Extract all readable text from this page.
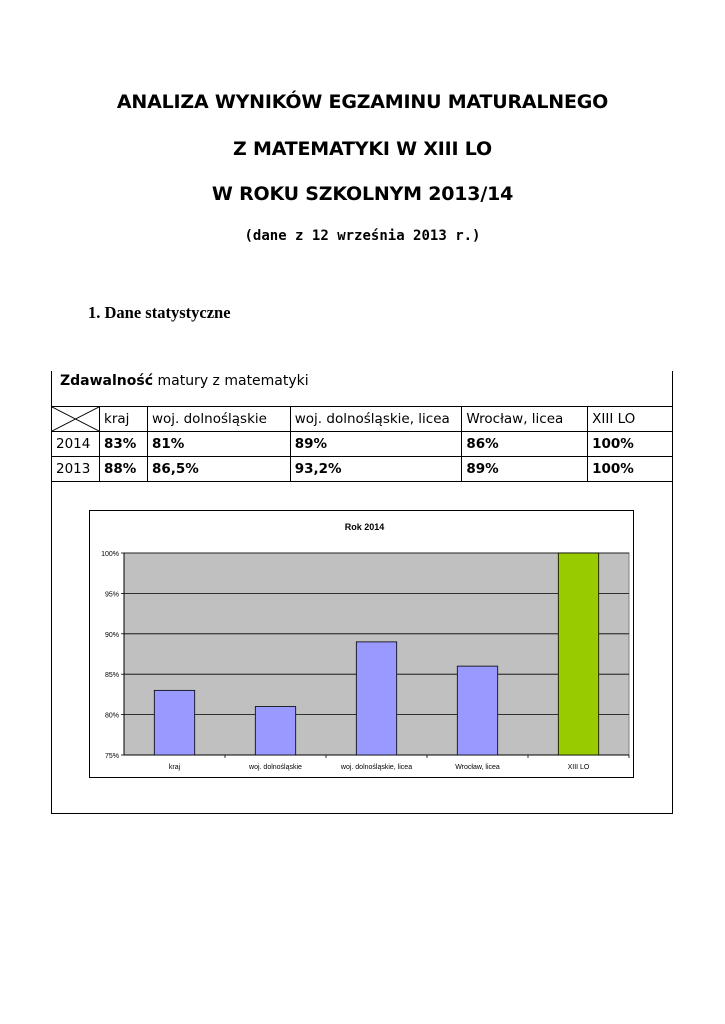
ANALIZA WYNIKÓW EGZAMINU MATURALNEGO
Z MATEMATYKI W XIII LO
W ROKU SZKOLNYM 2013/14
(dane z 12 września 2013 r.)
1. Dane statystyczne
Zdawalność matury z matematyki
	kraj	woj. dolnośląskie	woj. dolnośląskie, licea	Wrocław, licea	XIII LO
2014	83%	81%	89%	86%	100%
2013	88%	86,5%	93,2%	89%	100%
Rok 2014
75%
80%
85%
90%
95%
100%
kraj	woj. dolnośląskie	woj. dolnośląskie, licea	Wrocław, licea	XIII LO
